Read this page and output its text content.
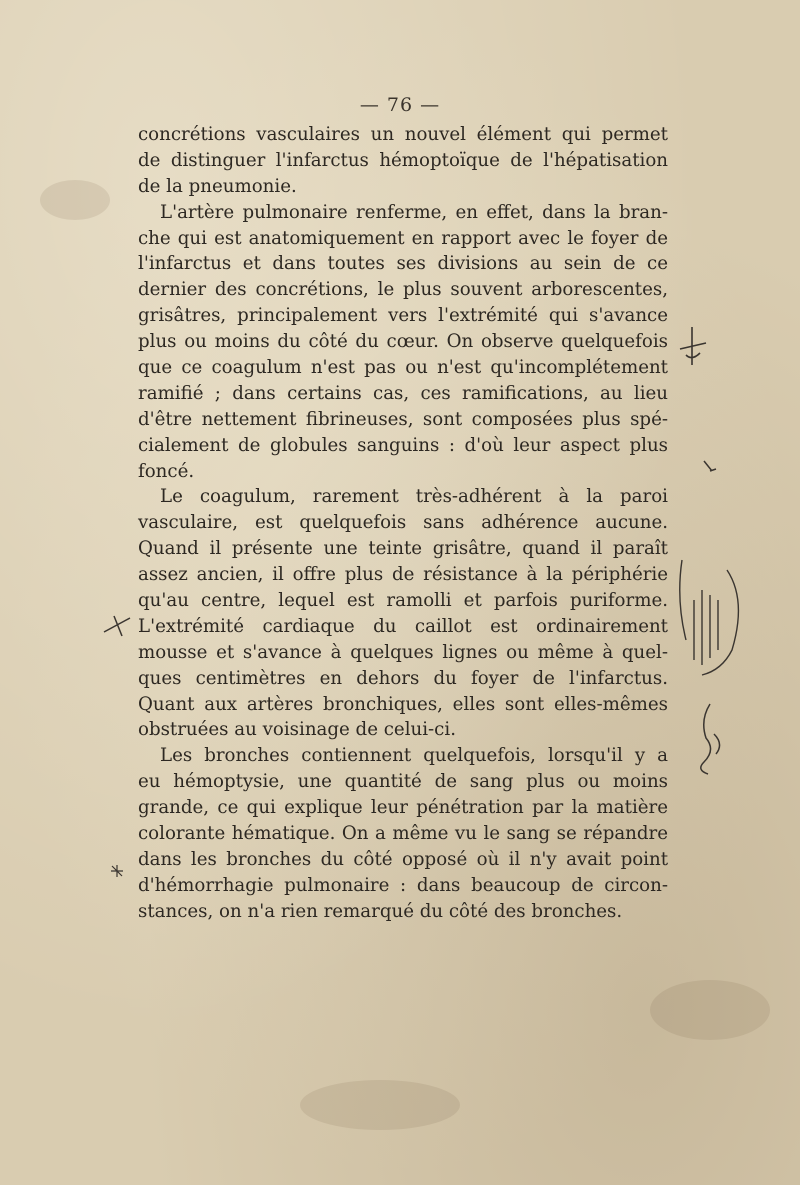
— 76 —
concrétions vasculaires un nouvel élément qui permet
de distinguer l'infarctus hémoptoïque de l'hépatisation
de la pneumonie.
L'artère pulmonaire renferme, en effet, dans la bran-
che qui est anatomiquement en rapport avec le foyer de
l'infarctus et dans toutes ses divisions au sein de ce
dernier des concrétions, le plus souvent arborescentes,
grisâtres, principalement vers l'extrémité qui s'avance
plus ou moins du côté du cœur. On observe quelquefois
que ce coagulum n'est pas ou n'est qu'incomplétement
ramifié ; dans certains cas, ces ramifications, au lieu
d'être nettement fibrineuses, sont composées plus spé-
cialement de globules sanguins : d'où leur aspect plus
foncé.
Le coagulum, rarement très-adhérent à la paroi
vasculaire, est quelquefois sans adhérence aucune.
Quand il présente une teinte grisâtre, quand il paraît
assez ancien, il offre plus de résistance à la périphérie
qu'au centre, lequel est ramolli et parfois puriforme.
L'extrémité cardiaque du caillot est ordinairement
mousse et s'avance à quelques lignes ou même à quel-
ques centimètres en dehors du foyer de l'infarctus.
Quant aux artères bronchiques, elles sont elles-mêmes
obstruées au voisinage de celui-ci.
Les bronches contiennent quelquefois, lorsqu'il y a
eu hémoptysie, une quantité de sang plus ou moins
grande, ce qui explique leur pénétration par la matière
colorante hématique. On a même vu le sang se répandre
dans les bronches du côté opposé où il n'y avait point
d'hémorrhagie pulmonaire : dans beaucoup de circon-
stances, on n'a rien remarqué du côté des bronches.
